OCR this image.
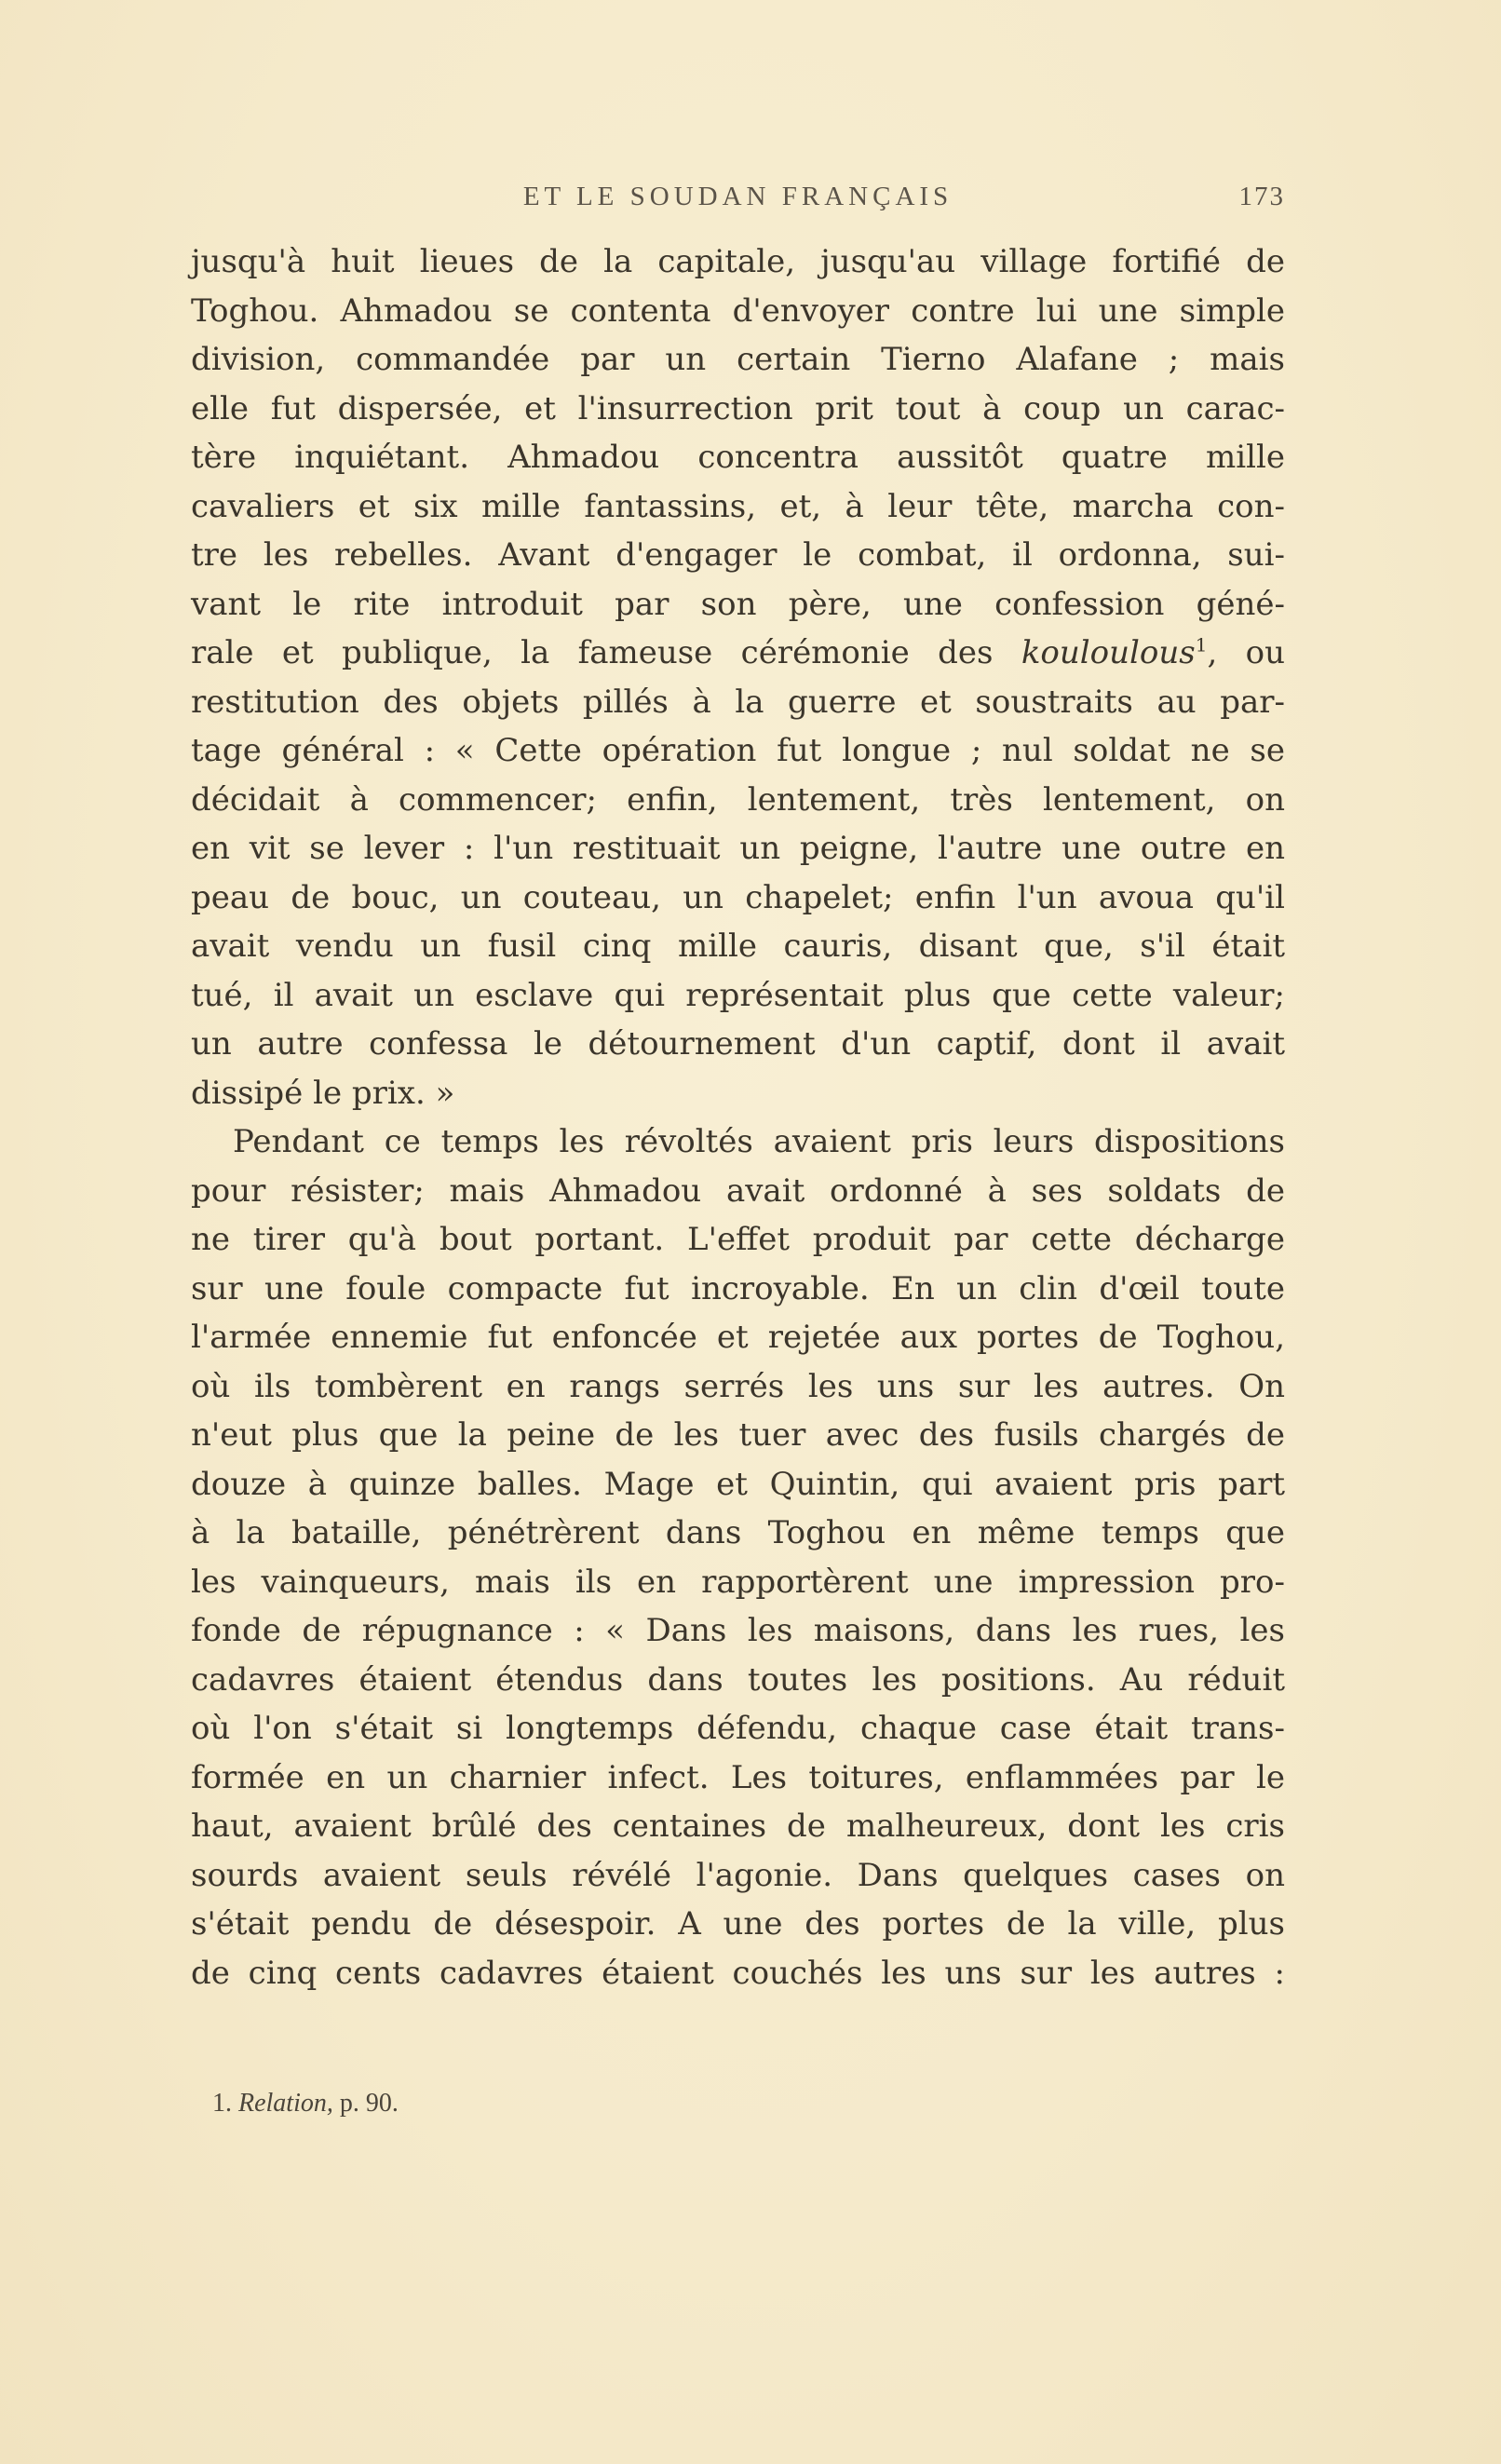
ET LE SOUDAN FRANÇAIS	173
jusqu'à huit lieues de la capitale, jusqu'au village fortifié de
Toghou. Ahmadou se contenta d'envoyer contre lui une simple
division, commandée par un certain Tierno Alafane ; mais
elle fut dispersée, et l'insurrection prit tout à coup un carac-
tère inquiétant. Ahmadou concentra aussitôt quatre mille
cavaliers et six mille fantassins, et, à leur tête, marcha con-
tre les rebelles. Avant d'engager le combat, il ordonna, sui-
vant le rite introduit par son père, une confession géné-
rale et publique, la fameuse cérémonie des kouloulous$^1$, ou
restitution des objets pillés à la guerre et soustraits au par-
tage général : « Cette opération fut longue ; nul soldat ne se
décidait à commencer; enfin, lentement, très lentement, on
en vit se lever : l'un restituait un peigne, l'autre une outre en
peau de bouc, un couteau, un chapelet; enfin l'un avoua qu'il
avait vendu un fusil cinq mille cauris, disant que, s'il était
tué, il avait un esclave qui représentait plus que cette valeur;
un autre confessa le détournement d'un captif, dont il avait
dissipé le prix. »
Pendant ce temps les révoltés avaient pris leurs dispositions
pour résister; mais Ahmadou avait ordonné à ses soldats de
ne tirer qu'à bout portant. L'effet produit par cette décharge
sur une foule compacte fut incroyable. En un clin d'œil toute
l'armée ennemie fut enfoncée et rejetée aux portes de Toghou,
où ils tombèrent en rangs serrés les uns sur les autres. On
n'eut plus que la peine de les tuer avec des fusils chargés de
douze à quinze balles. Mage et Quintin, qui avaient pris part
à la bataille, pénétrèrent dans Toghou en même temps que
les vainqueurs, mais ils en rapportèrent une impression pro-
fonde de répugnance : « Dans les maisons, dans les rues, les
cadavres étaient étendus dans toutes les positions. Au réduit
où l'on s'était si longtemps défendu, chaque case était trans-
formée en un charnier infect. Les toitures, enflammées par le
haut, avaient brûlé des centaines de malheureux, dont les cris
sourds avaient seuls révélé l'agonie. Dans quelques cases on
s'était pendu de désespoir. A une des portes de la ville, plus
de cinq cents cadavres étaient couchés les uns sur les autres :
1. Relation, p. 90.
